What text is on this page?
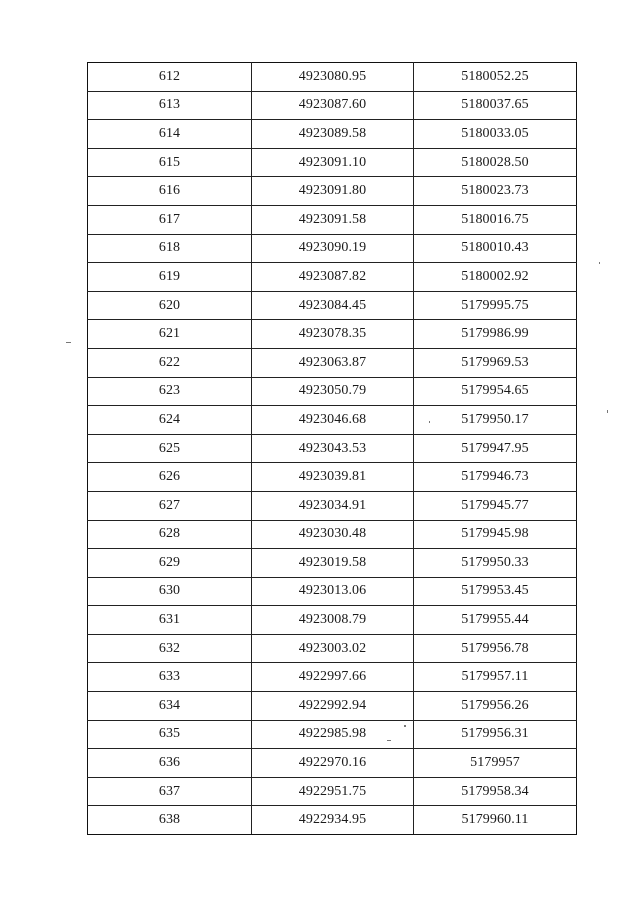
612	4923080.95	5180052.25
613	4923087.60	5180037.65
614	4923089.58	5180033.05
615	4923091.10	5180028.50
616	4923091.80	5180023.73
617	4923091.58	5180016.75
618	4923090.19	5180010.43
619	4923087.82	5180002.92
620	4923084.45	5179995.75
621	4923078.35	5179986.99
622	4923063.87	5179969.53
623	4923050.79	5179954.65
624	4923046.68	5179950.17
625	4923043.53	5179947.95
626	4923039.81	5179946.73
627	4923034.91	5179945.77
628	4923030.48	5179945.98
629	4923019.58	5179950.33
630	4923013.06	5179953.45
631	4923008.79	5179955.44
632	4923003.02	5179956.78
633	4922997.66	5179957.11
634	4922992.94	5179956.26
635	4922985.98	5179956.31
636	4922970.16	5179957
637	4922951.75	5179958.34
638	4922934.95	5179960.11
